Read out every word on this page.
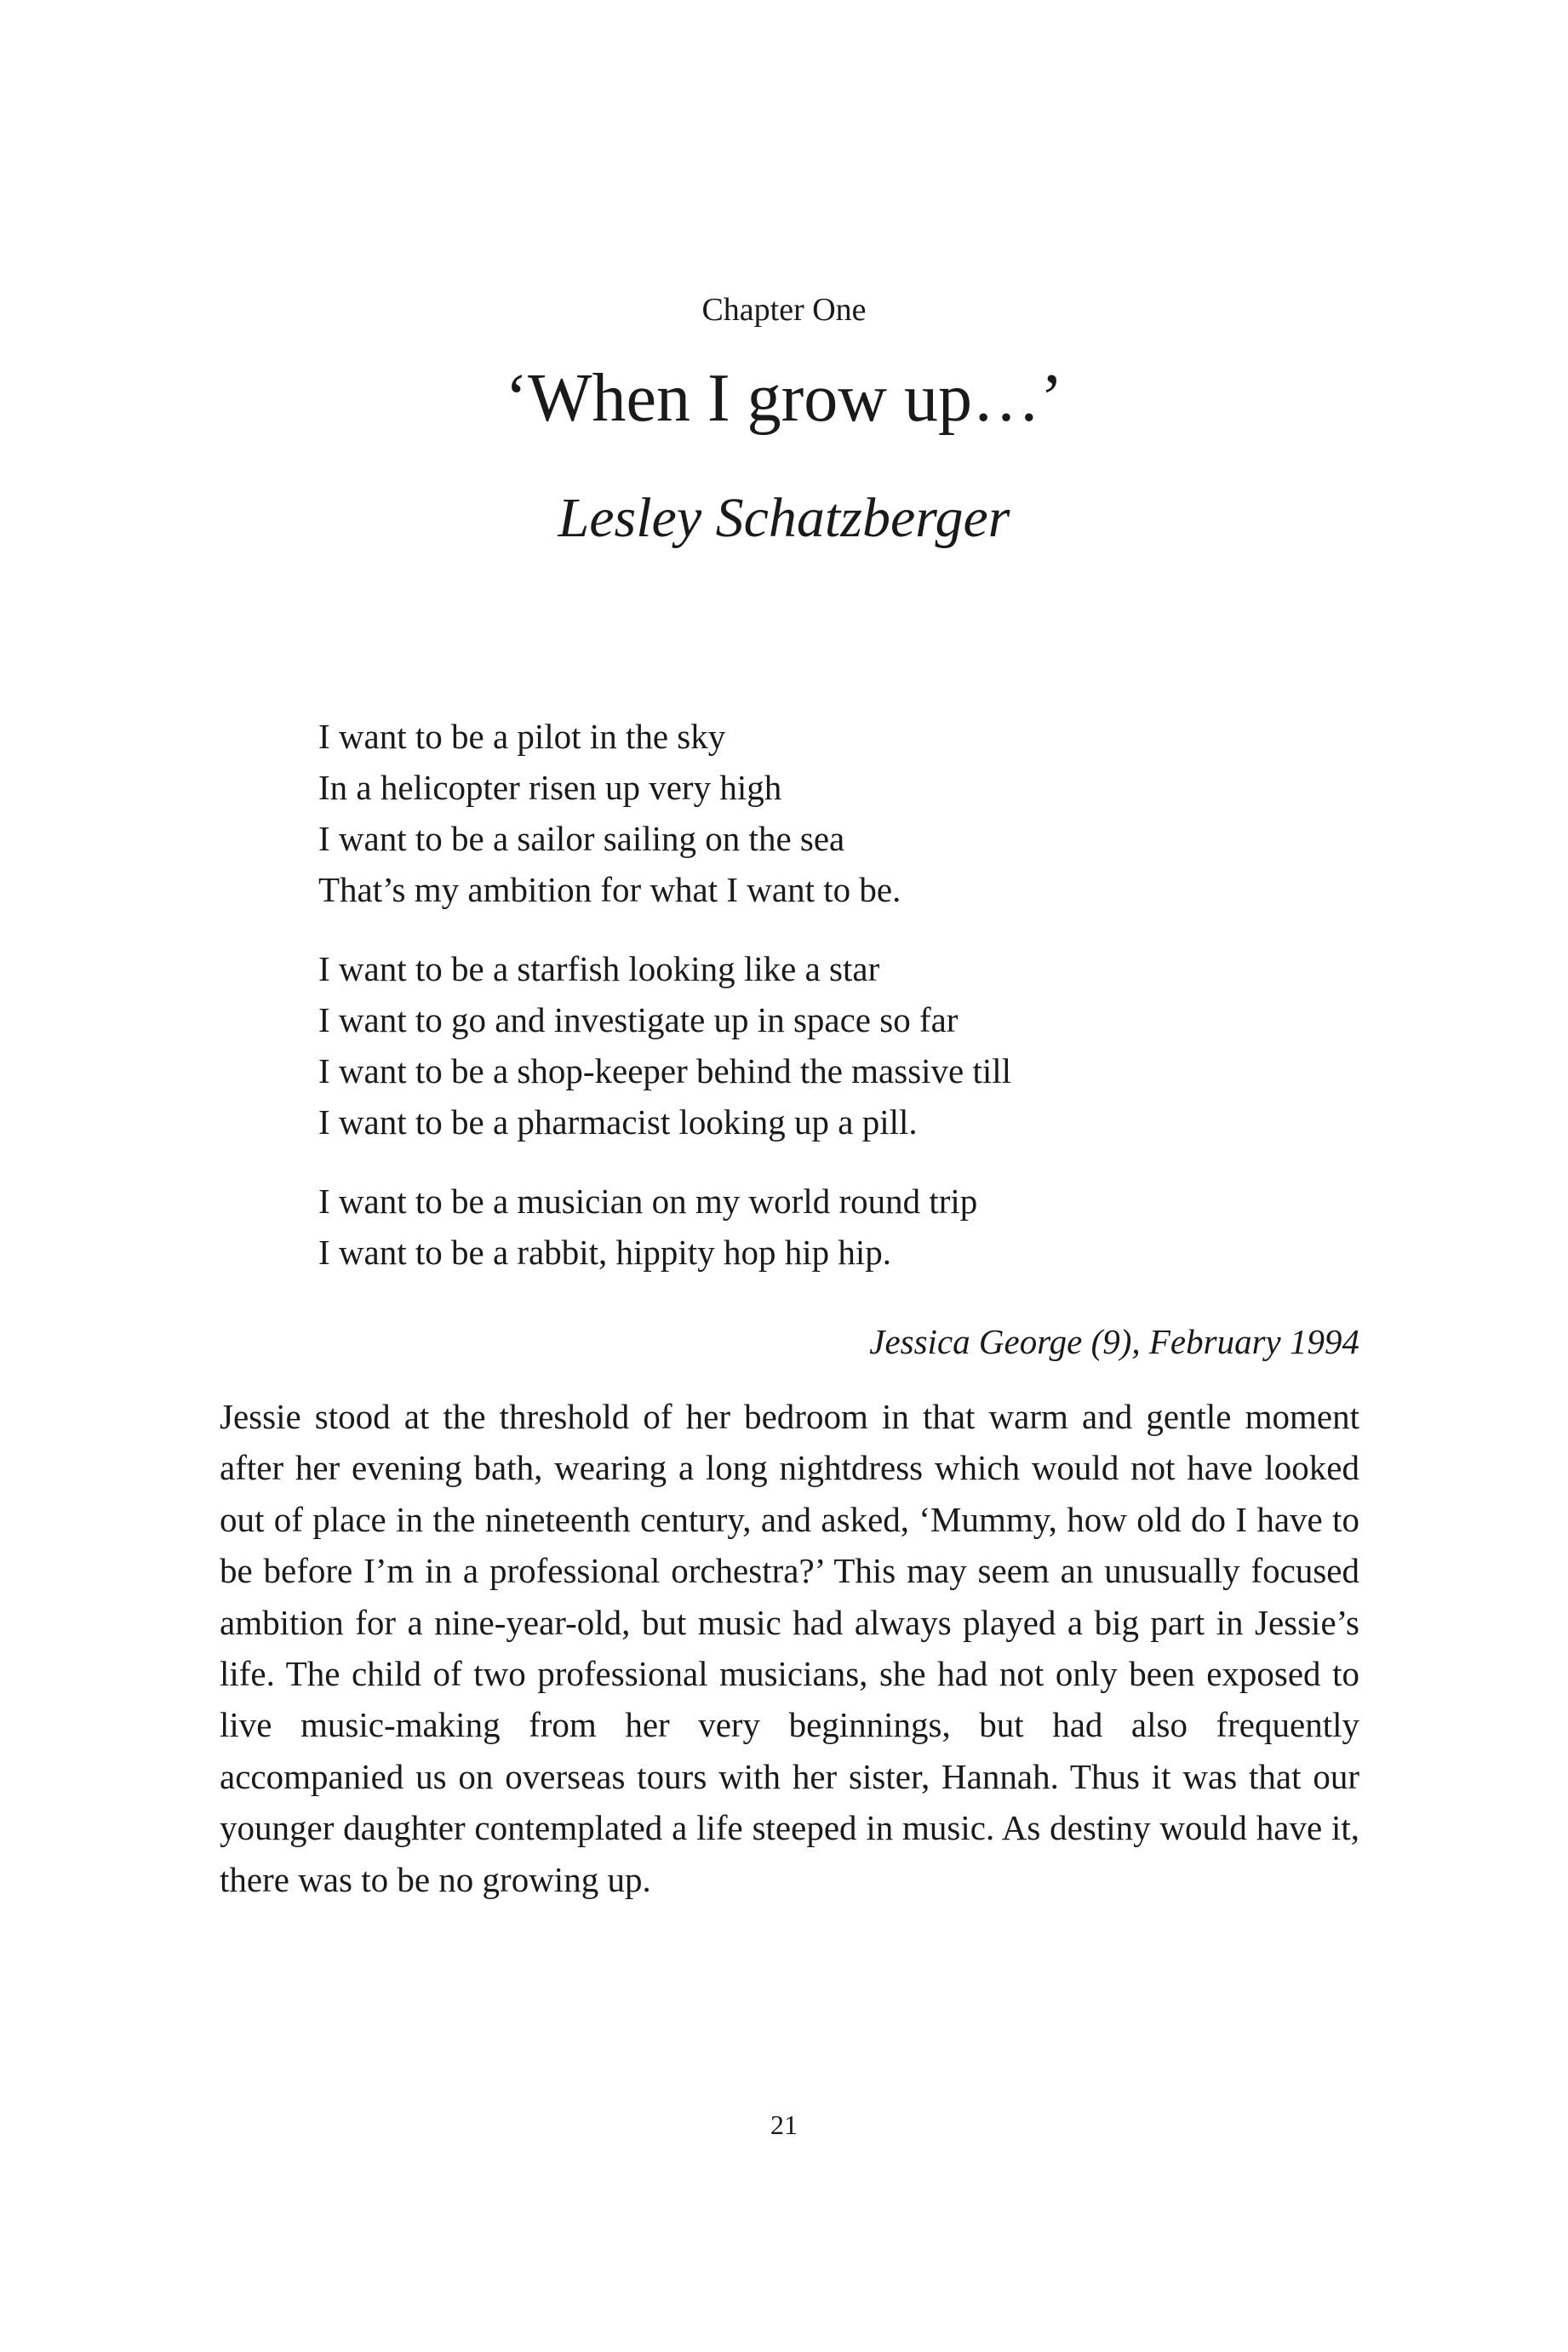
Chapter One
‘When I grow up…’
Lesley Schatzberger
I want to be a pilot in the sky
In a helicopter risen up very high
I want to be a sailor sailing on the sea
That’s my ambition for what I want to be.
I want to be a starfish looking like a star
I want to go and investigate up in space so far
I want to be a shop-keeper behind the massive till
I want to be a pharmacist looking up a pill.
I want to be a musician on my world round trip
I want to be a rabbit, hippity hop hip hip.
Jessica George (9), February 1994

Jessie stood at the threshold of her bedroom in that warm and gentle moment after her evening bath, wearing a long nightdress which would not have looked out of place in the nineteenth century, and asked, ‘Mummy, how old do I have to be before I’m in a professional orchestra?’ This may seem an unusually focused ambition for a nine-year-old, but music had always played a big part in Jessie’s life. The child of two professional musicians, she had not only been exposed to live music-making from her very beginnings, but had also frequently accompanied us on overseas tours with her sister, Hannah. Thus it was that our younger daughter contemplated a life steeped in music. As destiny would have it, there was to be no growing up.

21
